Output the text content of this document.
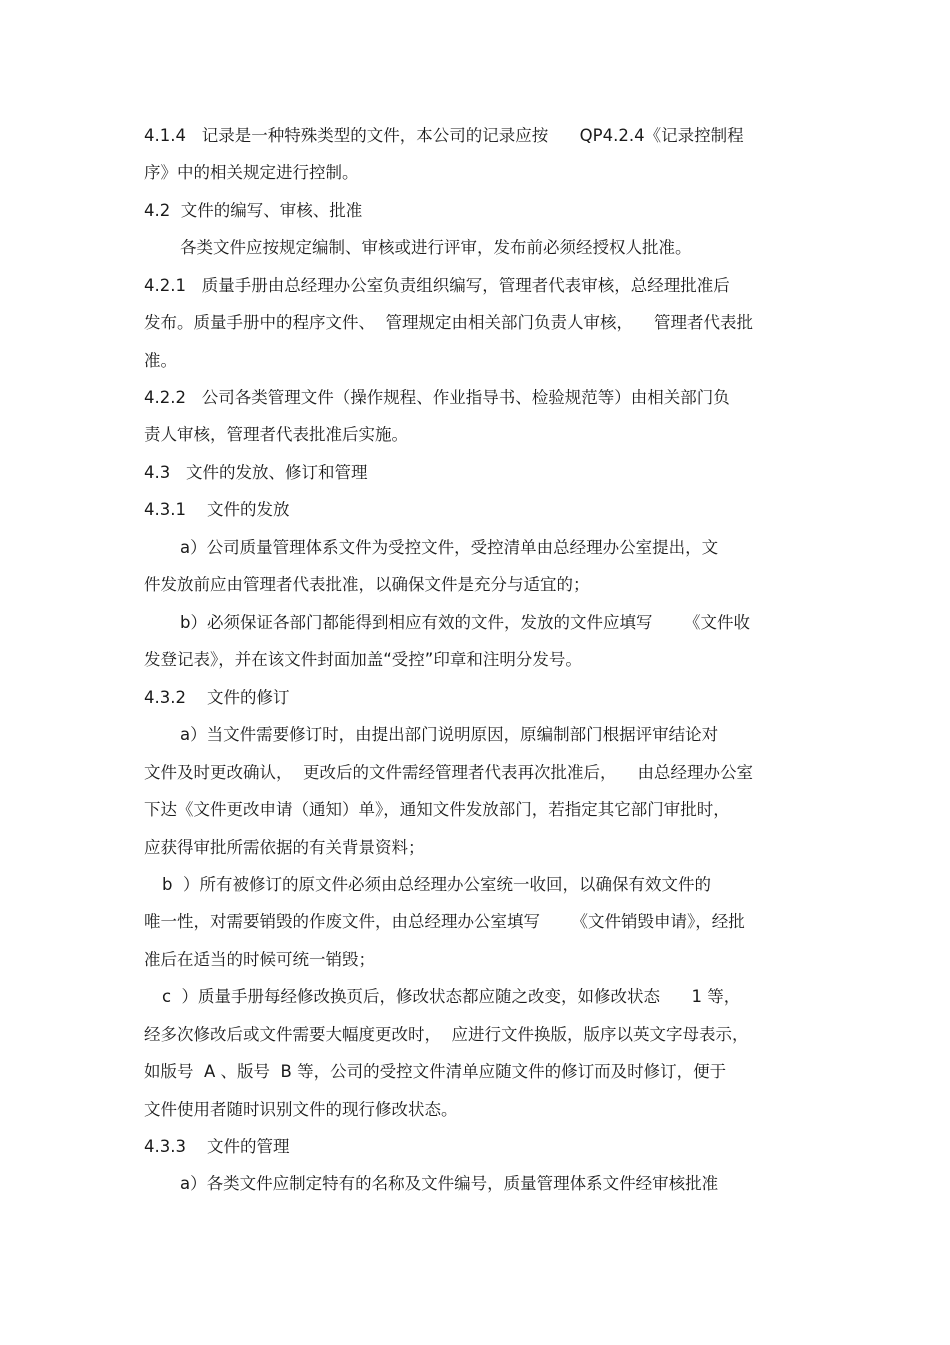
4.1.4   记录是一种特殊类型的文件，本公司的记录应按      QP4.2.4《记录控制程

序》中的相关规定进行控制。

4.2  文件的编写、审核、批准

各类文件应按规定编制、审核或进行评审，发布前必须经授权人批准。

4.2.1   质量手册由总经理办公室负责组织编写，管理者代表审核，总经理批准后

发布。质量手册中的程序文件、  管理规定由相关部门负责人审核，    管理者代表批

准。

4.2.2   公司各类管理文件（操作规程、作业指导书、检验规范等）由相关部门负

责人审核，管理者代表批准后实施。

4.3   文件的发放、修订和管理

4.3.1    文件的发放

a）公司质量管理体系文件为受控文件，受控清单由总经理办公室提出，文

件发放前应由管理者代表批准，以确保文件是充分与适宜的；

b）必须保证各部门都能得到相应有效的文件，发放的文件应填写      《文件收

发登记表》，并在该文件封面加盖“受控”印章和注明分发号。

4.3.2    文件的修订

a）当文件需要修订时，由提出部门说明原因，原编制部门根据评审结论对

文件及时更改确认，  更改后的文件需经管理者代表再次批准后，    由总经理办公室

下达《文件更改申请（通知）单》，通知文件发放部门，若指定其它部门审批时，

应获得审批所需依据的有关背景资料；

b  ）所有被修订的原文件必须由总经理办公室统一收回，以确保有效文件的

唯一性，对需要销毁的作废文件，由总经理办公室填写      《文件销毁申请》，经批

准后在适当的时候可统一销毁；

c  ）质量手册每经修改换页后，修改状态都应随之改变，如修改状态      1 等，

经多次修改后或文件需要大幅度更改时，  应进行文件换版，版序以英文字母表示，

如版号  A 、版号  B 等，公司的受控文件清单应随文件的修订而及时修订，便于

文件使用者随时识别文件的现行修改状态。

4.3.3    文件的管理

a）各类文件应制定特有的名称及文件编号，质量管理体系文件经审核批准
